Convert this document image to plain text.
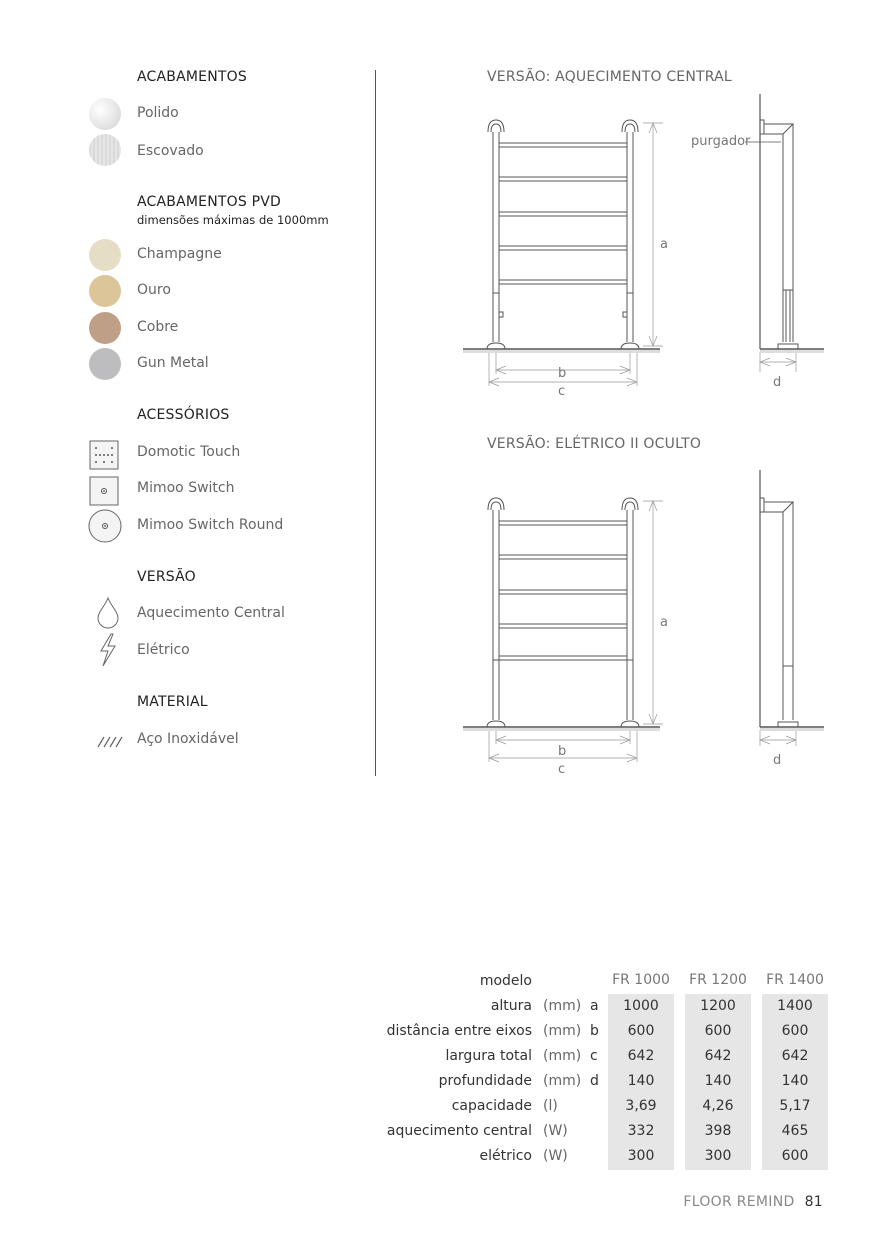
ACABAMENTOS
Polido
Escovado
ACABAMENTOS PVD
dimensões máximas de 1000mm
Champagne
Ouro
Cobre
Gun Metal
ACESSÓRIOS
Domotic Touch
Mimoo Switch
Mimoo Switch Round
VERSÃO
Aquecimento Central
Elétrico
MATERIAL
Aço Inoxidável
VERSÃO: AQUECIMENTO CENTRAL
a
b
c
d
purgador
VERSÃO: ELÉTRICO II OCULTO
a
b
c
d
modelo	FR 1000 FR 1200 FR 1400
altura (mm) a	1000	1200	1400
distância entre eixos (mm) b	600	600	600
largura total (mm) c	642	642	642
profundidade (mm) d	140	140	140
capacidade (l)	3,69	4,26	5,17
aquecimento central (W)	332	398	465
elétrico (W)	300	300	600
FLOOR REMIND 81
